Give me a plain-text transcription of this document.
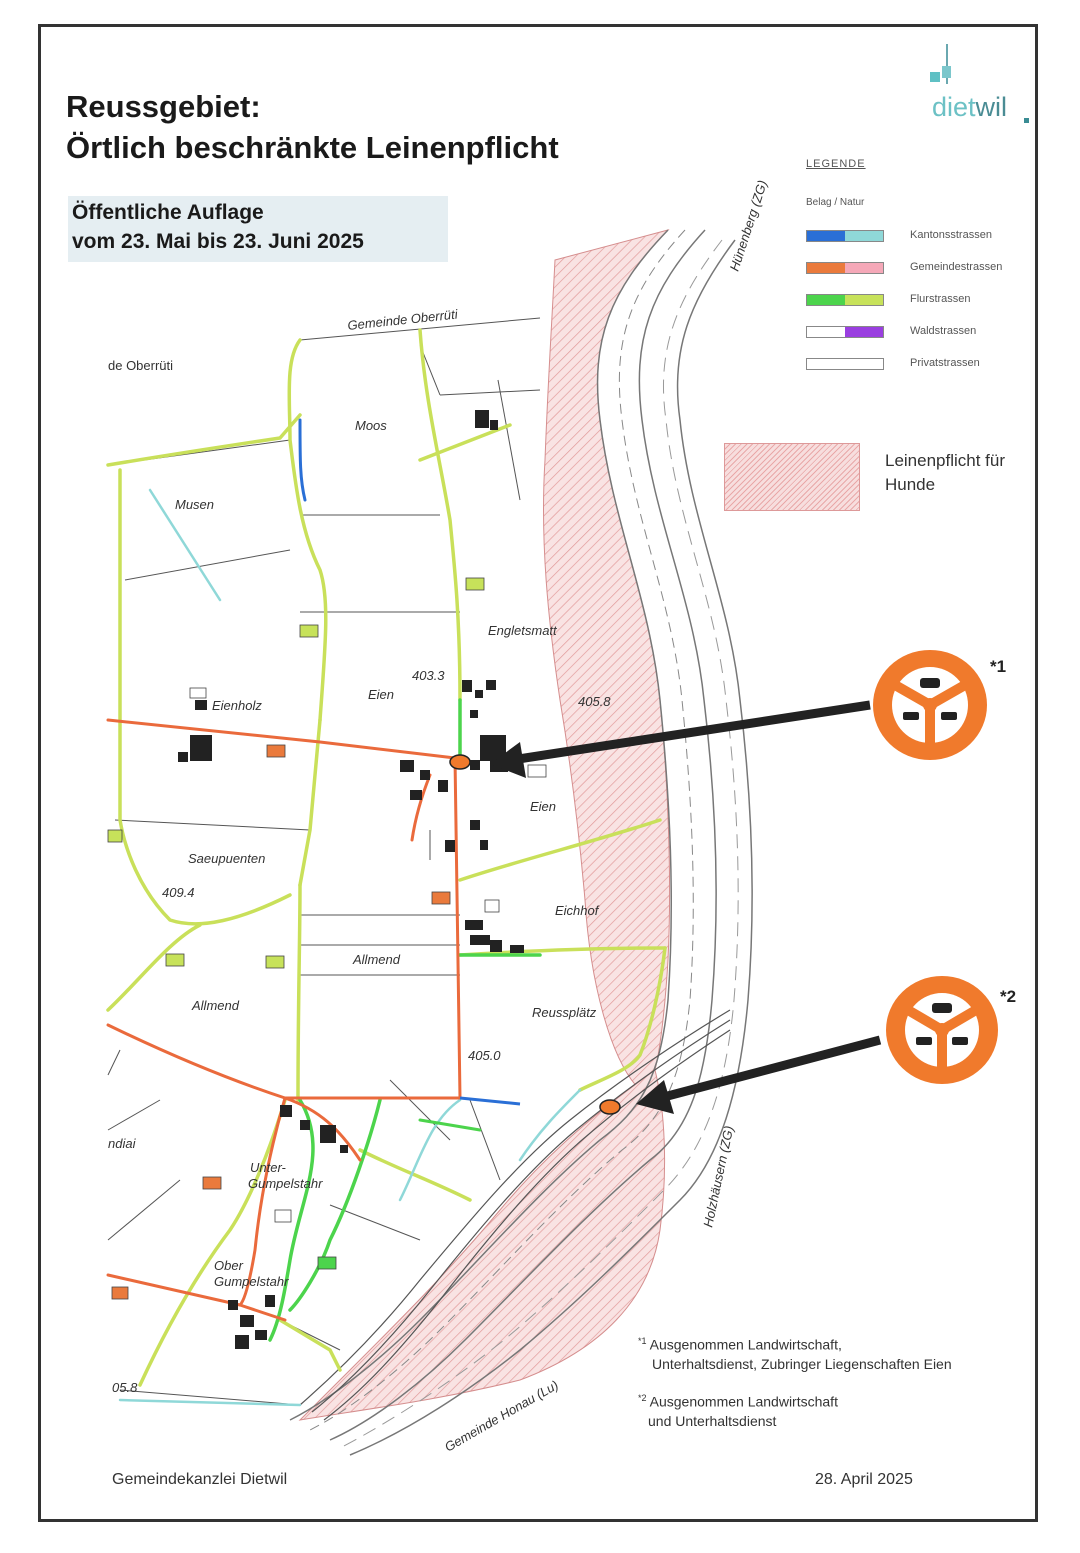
Gemeinde Oberrüti
de Oberrüti
Hünenberg (ZG)
Holzhäusern (ZG)
Gemeinde Honau (Lu)
Moos
Musen
Engletsmatt
Eienholz
Eien
Eien
Saeupuenten
Eichhof
Allmend
Allmend	Reussplätz
Unter-
Gumpelstahr
Ober
Gumpelstahr
403.3
405.8
409.4
405.0
05.8
ndiai
Reussgebiet:
Örtlich beschränkte Leinenpflicht
Öffentliche Auflage
vom 23. Mai bis 23. Juni 2025
dietwil
LEGENDE
Belag / Natur
Kantonsstrassen
Gemeindestrassen
Flurstrassen
Waldstrassen
Privatstrassen
Leinenpflicht für
Hunde
*1
*2
$^{*1}$ Ausgenommen Landwirtschaft,
Unterhaltsdienst, Zubringer Liegenschaften Eien
$^{*2}$ Ausgenommen Landwirtschaft
und Unterhaltsdienst
Gemeindekanzlei Dietwil	28. April 2025
